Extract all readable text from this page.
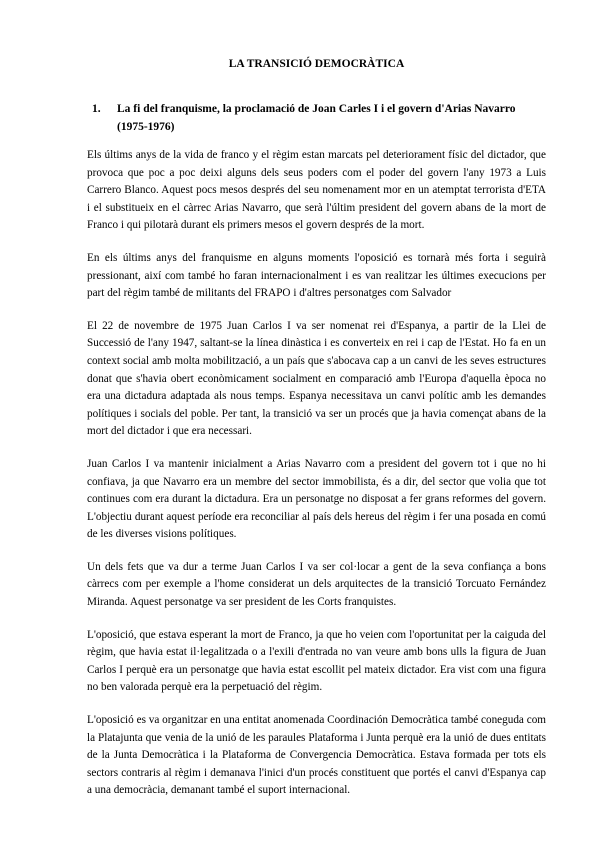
LA TRANSICIÓ DEMOCRÀTICA
1.	La fi del franquisme, la proclamació de Joan Carles I i el govern d'Arias Navarro (1975-1976)

Els últims anys de la vida de franco y el règim estan marcats pel deteriorament físic del dictador, que provoca que poc a poc deixi alguns dels seus poders com el poder del govern l'any 1973 a Luis Carrero Blanco. Aquest pocs mesos després del seu nomenament mor en un atemptat terrorista d'ETA i el substitueix en el càrrec Arias Navarro, que serà l'últim president del govern abans de la mort de Franco i qui pilotarà durant els primers mesos el govern després de la mort.

En els últims anys del franquisme en alguns moments l'oposició es tornarà més forta i seguirà pressionant, així com també ho faran internacionalment i es van realitzar les últimes execucions per part del règim també de militants del FRAPO i d'altres personatges com Salvador

El 22 de novembre de 1975 Juan Carlos I va ser nomenat rei d'Espanya, a partir de la Llei de Successió de l'any 1947, saltant-se la línea dinàstica i es converteix en rei i cap de l'Estat. Ho fa en un context social amb molta mobilització, a un país que s'abocava cap a un canvi de les seves estructures donat que s'havia obert econòmicament socialment en comparació amb l'Europa d'aquella època no era una dictadura adaptada als nous temps. Espanya necessitava un canvi polític amb les demandes polítiques i socials del poble. Per tant, la transició va ser un procés que ja havia començat abans de la mort del dictador i que era necessari.

Juan Carlos I va mantenir inicialment a Arias Navarro com a president del govern tot i que no hi confiava, ja que Navarro era un membre del sector immobilista, és a dir, del sector que volia que tot continues com era durant la dictadura. Era un personatge no disposat a fer grans reformes del govern. L'objectiu durant aquest període era reconciliar al país dels hereus del règim i fer una posada en comú de les diverses visions polítiques.

Un dels fets que va dur a terme Juan Carlos I va ser col·locar a gent de la seva confiança a bons càrrecs com per exemple a l'home considerat un dels arquitectes de la transició Torcuato Fernández Miranda. Aquest personatge va ser president de les Corts franquistes.

L'oposició, que estava esperant la mort de Franco, ja que ho veien com l'oportunitat per la caiguda del règim, que havia estat il·legalitzada o a l'exili d'entrada no van veure amb bons ulls la figura de Juan Carlos I perquè era un personatge que havia estat escollit pel mateix dictador. Era vist com una figura no ben valorada perquè era la perpetuació del règim.

L'oposició es va organitzar en una entitat anomenada Coordinación Democràtica també coneguda com la Platajunta que venia de la unió de les paraules Plataforma i Junta perquè era la unió de dues entitats de la Junta Democràtica i la Plataforma de Convergencia Democràtica. Estava formada per tots els sectors contraris al règim i demanava l'inici d'un procés constituent que portés el canvi d'Espanya cap a una democràcia, demanant també el suport internacional.
